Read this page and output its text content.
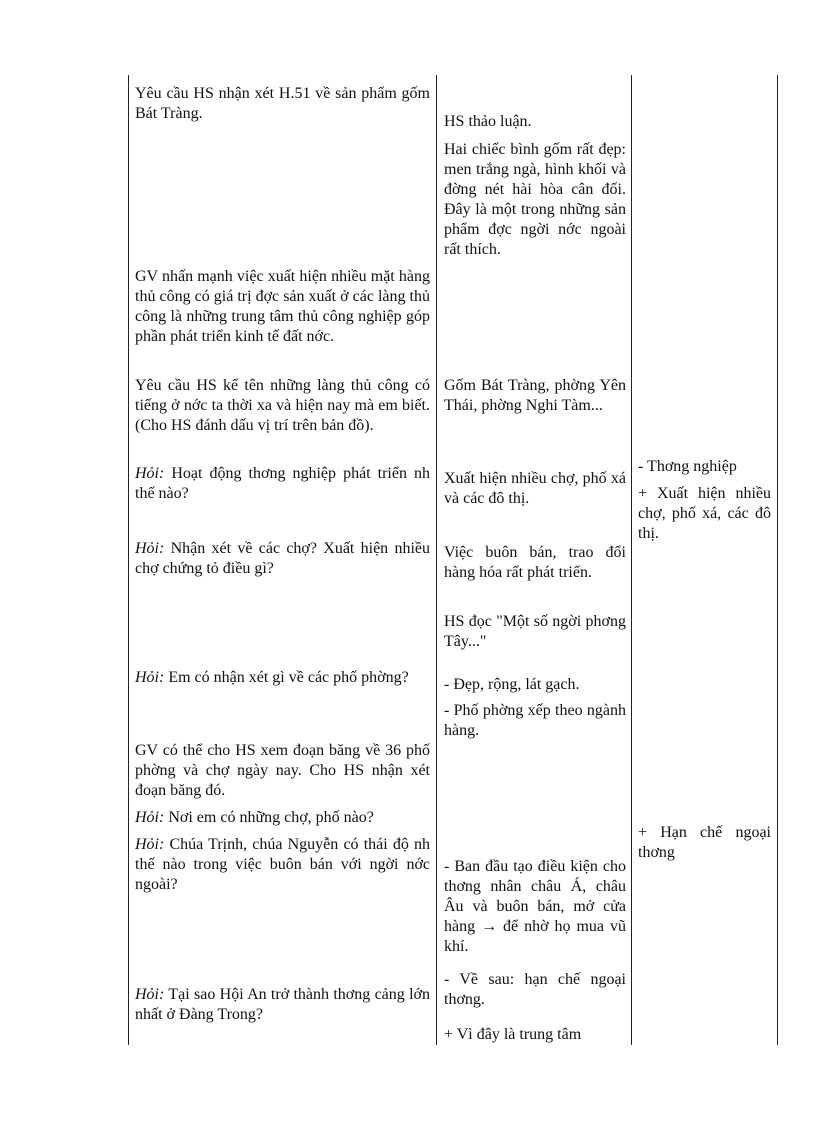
Yêu cầu HS nhận xét H.51 về sản phẩm gốm Bát Tràng.

GV nhấn mạnh việc xuất hiện nhiều mặt hàng thủ công có giá trị đợc sản xuất ở các làng thủ công là những trung tâm thủ công nghiệp góp phần phát triển kinh tế đất nớc.

Yêu cầu HS kể tên những làng thủ công có tiếng ở nớc ta thời xa và hiện nay mà em biết. (Cho HS đánh dấu vị trí trên bản đồ).

Hỏi: Hoạt động thơng nghiệp phát triển nh thế nào?

Hỏi: Nhận xét về các chợ? Xuất hiện nhiều chợ chứng tỏ điều gì?

Hỏi: Em có nhận xét gì về các phố phờng?

GV có thể cho HS xem đoạn băng về 36 phố phờng và chợ ngày nay. Cho HS nhận xét đoạn băng đó.

Hỏi: Nơi em có những chợ, phố nào?

Hỏi: Chúa Trịnh, chúa Nguyễn có thái độ nh thế nào trong việc buôn bán với ngời nớc ngoài?

Hỏi: Tại sao Hội An trở thành thơng cảng lớn nhất ở Đàng Trong?

HS thảo luận.

Hai chiếc bình gốm rất đẹp: men trắng ngà, hình khối và đờng nét hài hòa cân đối. Đây là một trong những sản phẩm đợc ngời nớc ngoài rất thích.

Gốm Bát Tràng, phờng Yên Thái, phờng Nghi Tàm...

Xuất hiện nhiều chợ, phố xá và các đô thị.

Việc buôn bán, trao đổi hàng hóa rất phát triển.

HS đọc "Một số ngời phơng Tây..."

- Đẹp, rộng, lát gạch.

- Phố phờng xếp theo ngành hàng.

- Ban đầu tạo điều kiện cho thơng nhân châu Á, châu Âu và buôn bán, mở cửa hàng → để nhờ họ mua vũ khí.

- Về sau: hạn chế ngoại thơng.

+ Vì đây là trung tâm

- Thơng nghiệp

+ Xuất hiện nhiều chợ, phố xá, các đô thị.

+ Hạn chế ngoại thơng
